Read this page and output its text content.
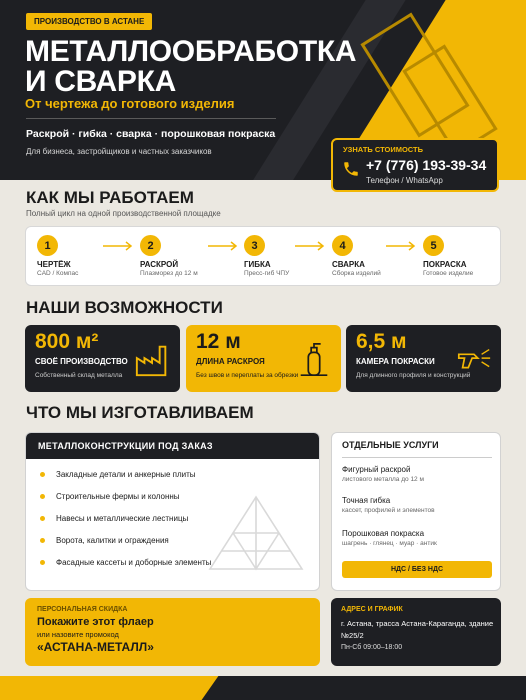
ПРОИЗВОДСТВО В АСТАНЕ
МЕТАЛЛООБРАБОТКА
И СВАРКА
От чертежа до готового изделия
Раскрой · гибка · сварка · порошковая покраска
Для бизнеса, застройщиков и частных заказчиков	УЗНАТЬ СТОИМОСТЬ
+7 (776) 193-39-34
Телефон / WhatsApp
КАК МЫ РАБОТАЕМ
Полный цикл на одной производственной площадке
1
ЧЕРТЁЖ
CAD / Компас
2
РАСКРОЙ
Плазморез до 12 м
3
ГИБКА
Пресс-гиб ЧПУ
4
СВАРКА
Сборка изделий
5
ПОКРАСКА
Готовое изделие
НАШИ ВОЗМОЖНОСТИ
800 м²
СВОЁ ПРОИЗВОДСТВО
Собственный склад металла
12 м
ДЛИНА РАСКРОЯ
Без швов и переплаты за обрезки
6,5 м
КАМЕРА ПОКРАСКИ
Для длинного профиля и конструкций
ЧТО МЫ ИЗГОТАВЛИВАЕМ
МЕТАЛЛОКОНСТРУКЦИИ ПОД ЗАКАЗ
Закладные детали и анкерные плиты
Строительные фермы и колонны
Навесы и металлические лестницы
Ворота, калитки и ограждения
Фасадные кассеты и доборные элементы
ОТДЕЛЬНЫЕ УСЛУГИ
Фигурный раскрой
листового металла до 12 м
Точная гибка
кассет, профилей и элементов
Порошковая покраска
шагрень · глянец · муар · антик
НДС / БЕЗ НДС
ПЕРСОНАЛЬНАЯ СКИДКА
Покажите этот флаер
или назовите промокод
«АСТАНА-МЕТАЛЛ»
АДРЕС И ГРАФИК
г. Астана, трасса Астана-Караганда, здание №25/2
Пн-Сб 09:00–18:00
